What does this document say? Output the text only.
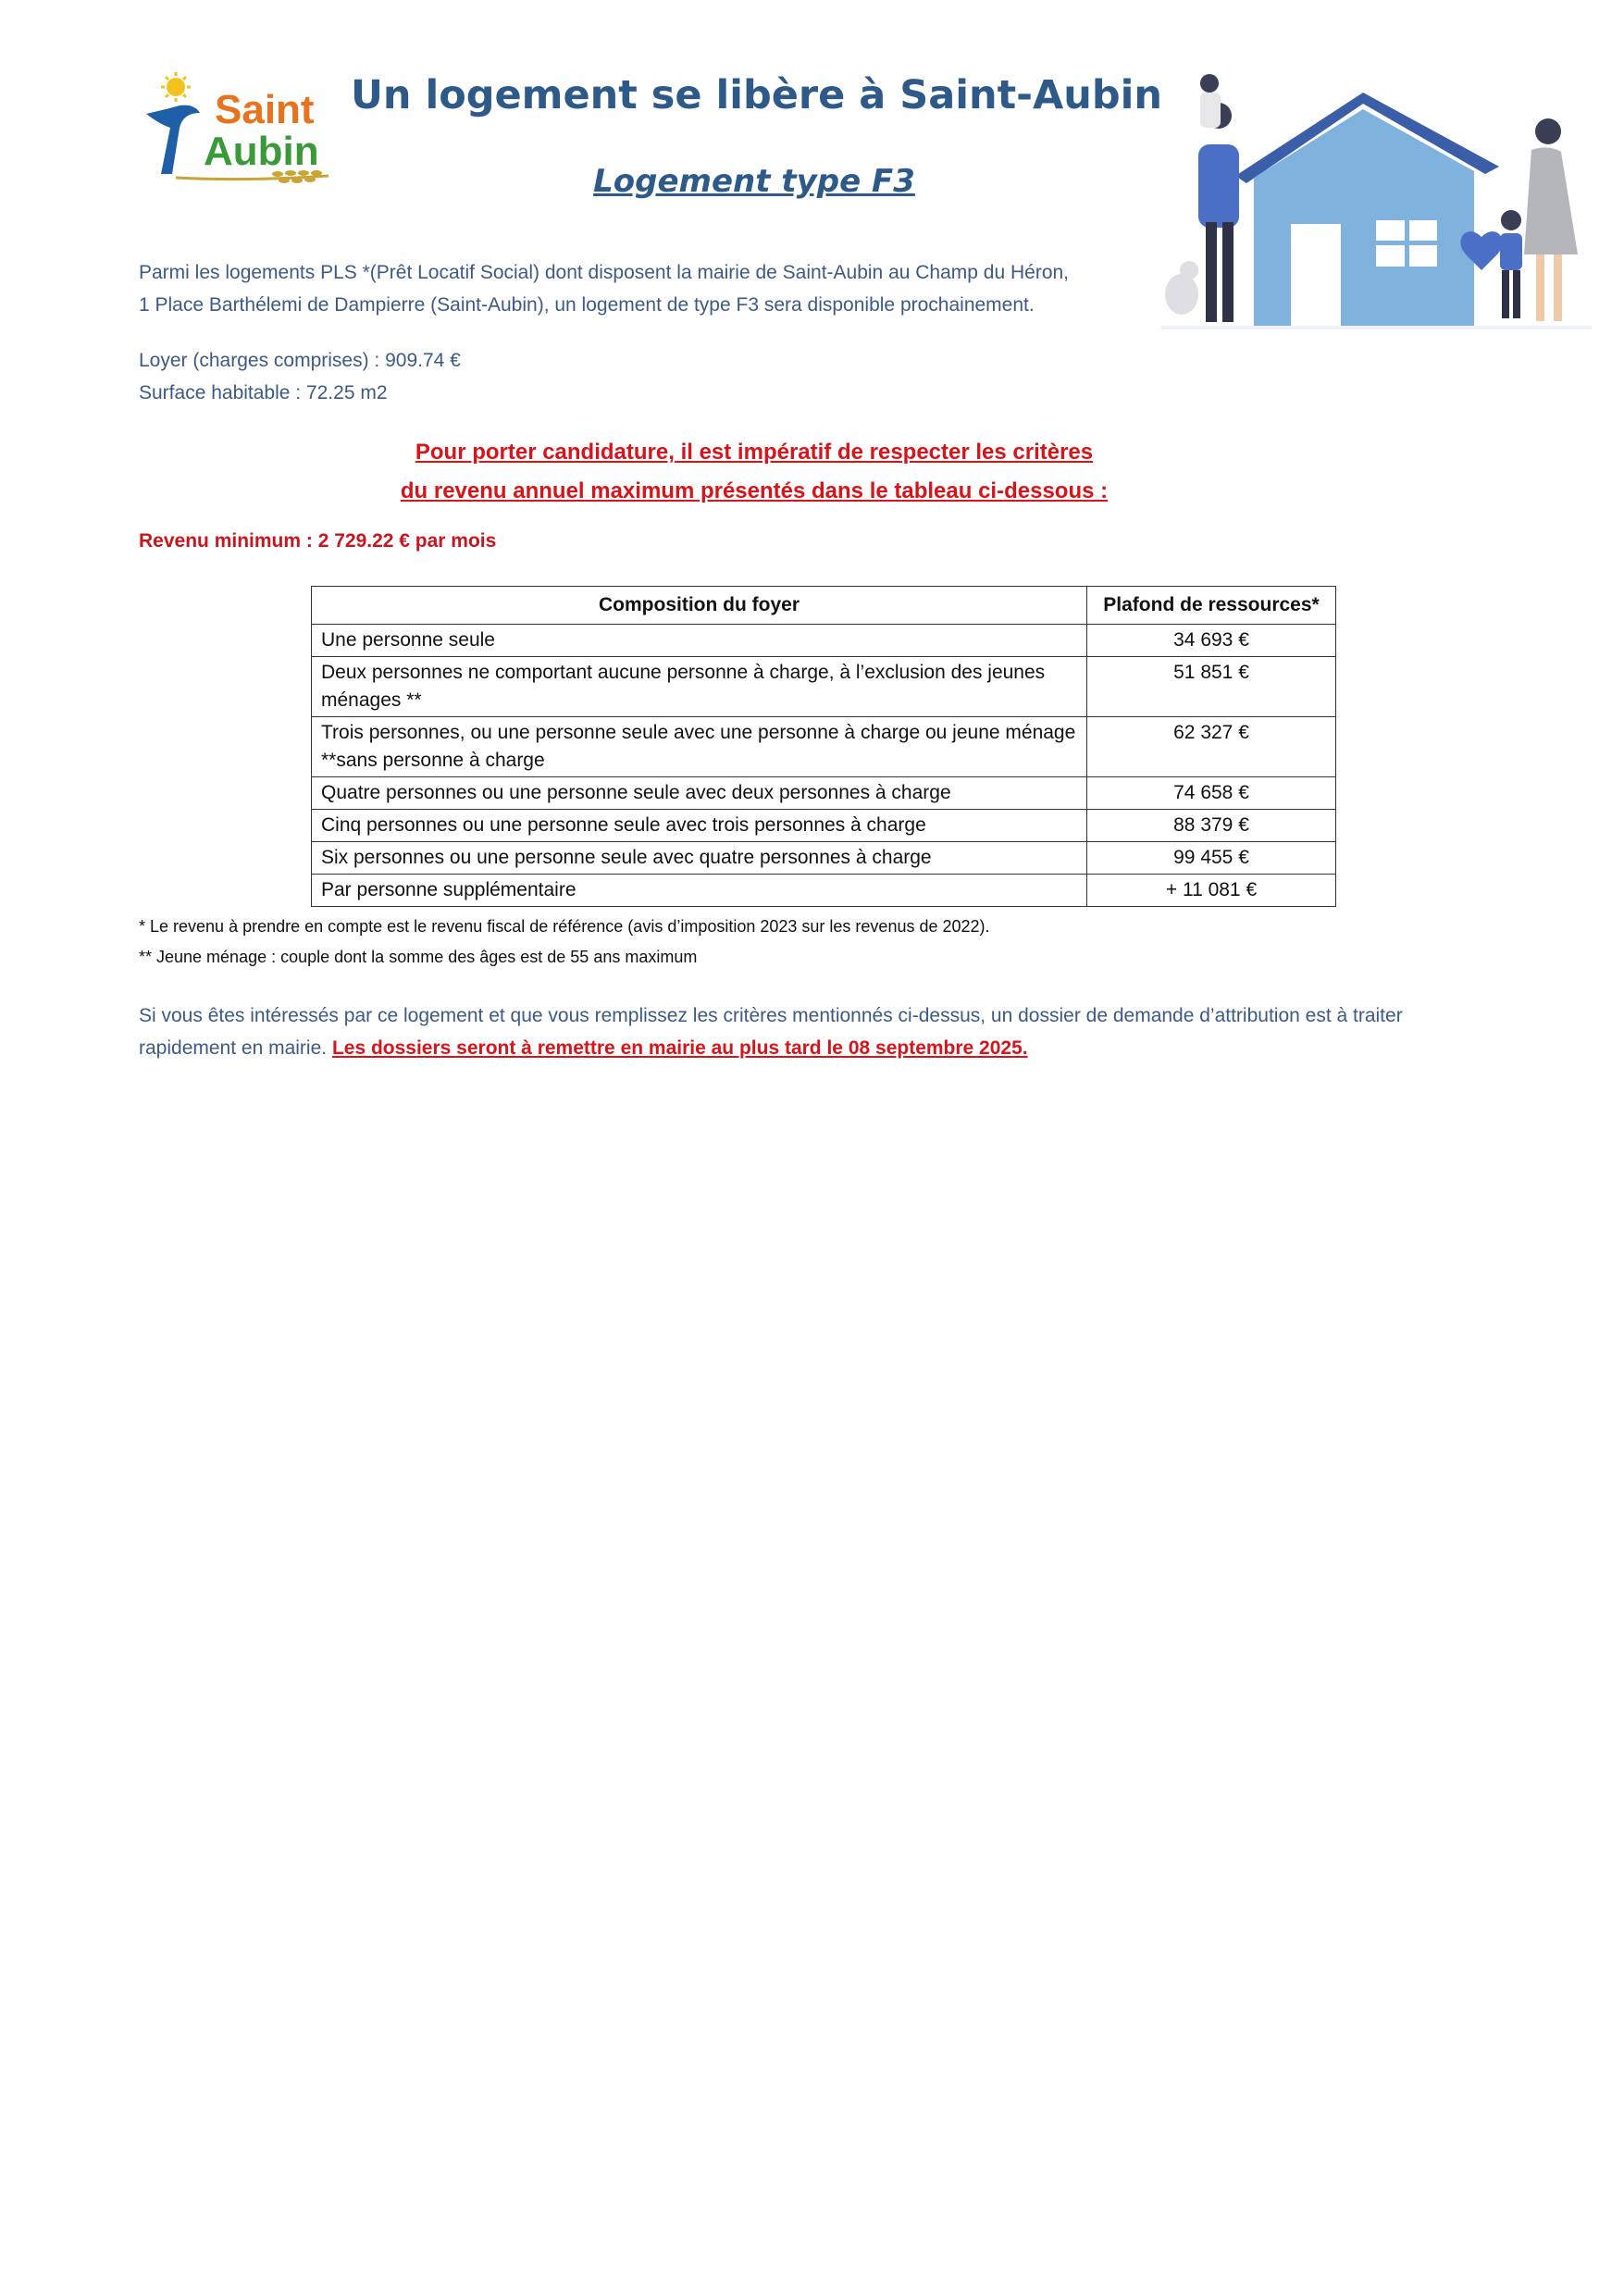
Saint
Aubin
Un logement se libère à Saint-Aubin
Logement type F3
Parmi les logements PLS *(Prêt Locatif Social) dont disposent la mairie de Saint-Aubin au Champ du Héron,
1 Place Barthélemi de Dampierre (Saint-Aubin), un logement de type F3 sera disponible prochainement.
Loyer (charges comprises) : 909.74 €
Surface habitable : 72.25 m2
Pour porter candidature, il est impératif de respecter les critères
du revenu annuel maximum présentés dans le tableau ci-dessous :
Revenu minimum : 2 729.22 € par mois
Composition du foyer	Plafond de ressources*
Une personne seule	34 693 €
Deux personnes ne comportant aucune personne à charge, à l’exclusion des jeunes ménages **	51 851 €
Trois personnes, ou une personne seule avec une personne à charge ou jeune ménage **sans personne à charge	62 327 €
Quatre personnes ou une personne seule avec deux personnes à charge	74 658 €
Cinq personnes ou une personne seule avec trois personnes à charge	88 379 €
Six personnes ou une personne seule avec quatre personnes à charge	99 455 €
Par personne supplémentaire	+ 11 081 €
* Le revenu à prendre en compte est le revenu fiscal de référence (avis d’imposition 2023 sur les revenus de 2022).
** Jeune ménage : couple dont la somme des âges est de 55 ans maximum
Si vous êtes intéressés par ce logement et que vous remplissez les critères mentionnés ci-dessus, un dossier de demande d’attribution est à traiter rapidement en mairie. Les dossiers seront à remettre en mairie au plus tard le 08 septembre 2025.
